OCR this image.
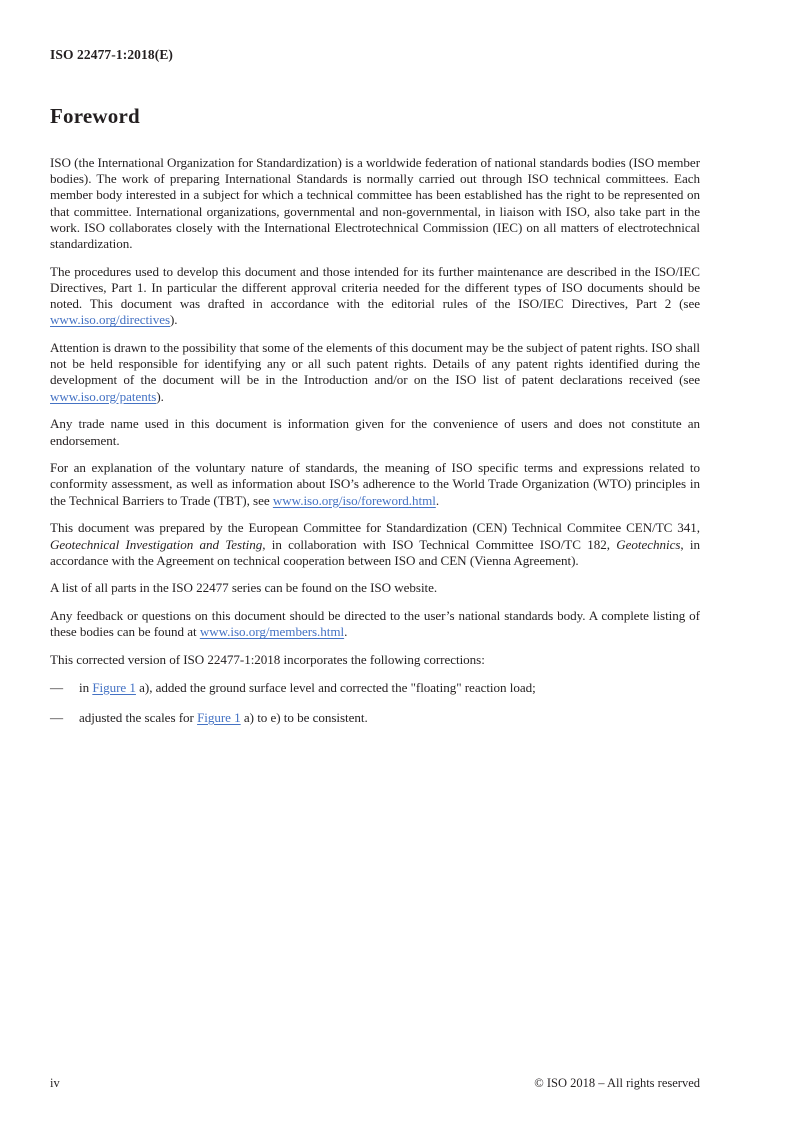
ISO 22477-1:2018(E)
Foreword

ISO (the International Organization for Standardization) is a worldwide federation of national standards bodies (ISO member bodies). The work of preparing International Standards is normally carried out through ISO technical committees. Each member body interested in a subject for which a technical committee has been established has the right to be represented on that committee. International organizations, governmental and non-governmental, in liaison with ISO, also take part in the work. ISO collaborates closely with the International Electrotechnical Commission (IEC) on all matters of electrotechnical standardization.

The procedures used to develop this document and those intended for its further maintenance are described in the ISO/IEC Directives, Part 1. In particular the different approval criteria needed for the different types of ISO documents should be noted. This document was drafted in accordance with the editorial rules of the ISO/IEC Directives, Part 2 (see www.iso.org/directives).

Attention is drawn to the possibility that some of the elements of this document may be the subject of patent rights. ISO shall not be held responsible for identifying any or all such patent rights. Details of any patent rights identified during the development of the document will be in the Introduction and/or on the ISO list of patent declarations received (see www.iso.org/patents).

Any trade name used in this document is information given for the convenience of users and does not constitute an endorsement.

For an explanation of the voluntary nature of standards, the meaning of ISO specific terms and expressions related to conformity assessment, as well as information about ISO’s adherence to the World Trade Organization (WTO) principles in the Technical Barriers to Trade (TBT), see www.iso​.org/iso/foreword.html.

This document was prepared by the European Committee for Standardization (CEN) Technical Commitee CEN/TC 341, Geotechnical Investigation and Testing, in collaboration with ISO Technical Committee ISO/TC 182, Geotechnics, in accordance with the Agreement on technical cooperation between ISO and CEN (Vienna Agreement).

A list of all parts in the ISO 22477 series can be found on the ISO website.

Any feedback or questions on this document should be directed to the user’s national standards body. A complete listing of these bodies can be found at www.iso.org/members.html.

This corrected version of ISO 22477-1:2018 incorporates the following corrections:

—	in Figure 1 a), added the ground surface level and corrected the "floating" reaction load;
—	adjusted the scales for Figure 1 a) to e) to be consistent.
iv	© ISO 2018 – All rights reserved
